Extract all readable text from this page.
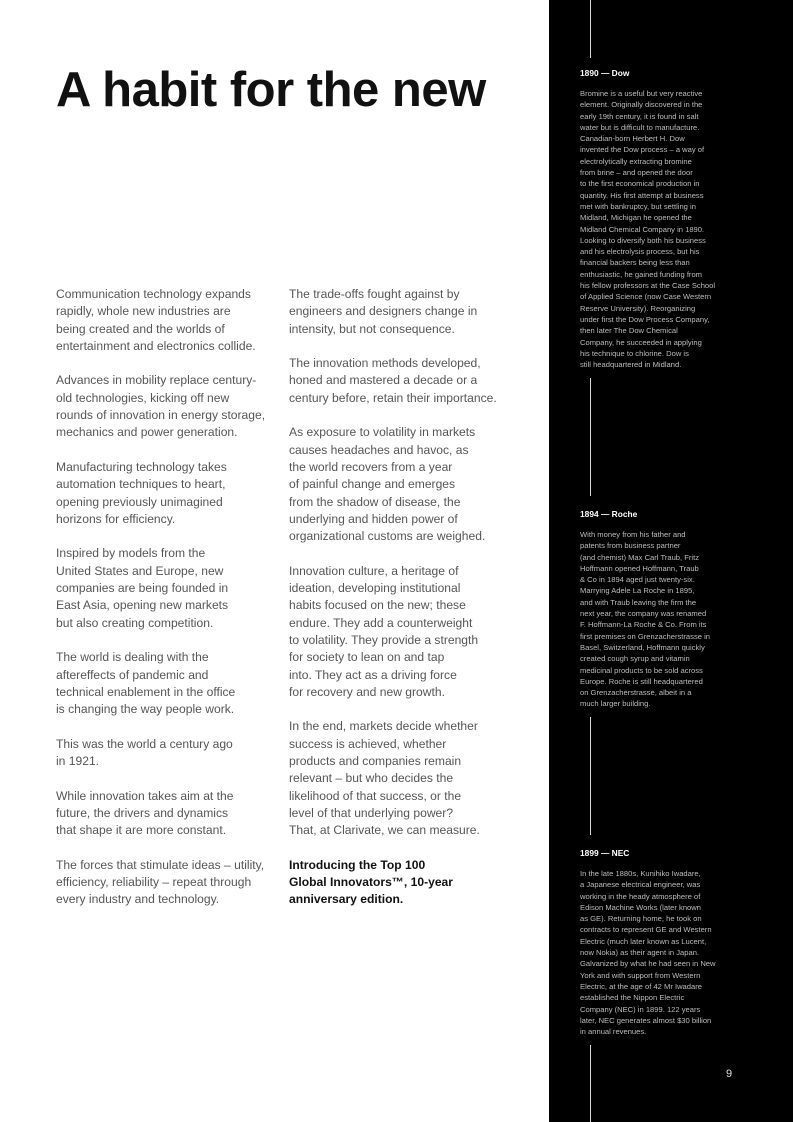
A habit for the new

Communication technology expands
rapidly, whole new industries are
being created and the worlds of
entertainment and electronics collide.

Advances in mobility replace century-
old technologies, kicking off new
rounds of innovation in energy storage,
mechanics and power generation.

Manufacturing technology takes
automation techniques to heart,
opening previously unimagined
horizons for efficiency.

Inspired by models from the
United States and Europe, new
companies are being founded in
East Asia, opening new markets
but also creating competition.

The world is dealing with the
aftereffects of pandemic and
technical enablement in the office
is changing the way people work.

This was the world a century ago
in 1921.

While innovation takes aim at the
future, the drivers and dynamics
that shape it are more constant.

The forces that stimulate ideas – utility,
efficiency, reliability – repeat through
every industry and technology.

The trade-offs fought against by
engineers and designers change in
intensity, but not consequence.

The innovation methods developed,
honed and mastered a decade or a
century before, retain their importance.

As exposure to volatility in markets
causes headaches and havoc, as
the world recovers from a year
of painful change and emerges
from the shadow of disease, the
underlying and hidden power of
organizational customs are weighed.

Innovation culture, a heritage of
ideation, developing institutional
habits focused on the new; these
endure. They add a counterweight
to volatility. They provide a strength
for society to lean on and tap
into. They act as a driving force
for recovery and new growth.

In the end, markets decide whether
success is achieved, whether
products and companies remain
relevant – but who decides the
likelihood of that success, or the
level of that underlying power?
That, at Clarivate, we can measure.

Introducing the Top 100
Global Innovators™, 10-year
anniversary edition.

1890 — Dow

Bromine is a useful but very reactive
element. Originally discovered in the
early 19th century, it is found in salt
water but is difficult to manufacture.
Canadian-born Herbert H. Dow
invented the Dow process – a way of
electrolytically extracting bromine
from brine – and opened the door
to the first economical production in
quantity. His first attempt at business
met with bankruptcy, but settling in
Midland, Michigan he opened the
Midland Chemical Company in 1890.
Looking to diversify both his business
and his electrolysis process, but his
financial backers being less than
enthusiastic, he gained funding from
his fellow professors at the Case School
of Applied Science (now Case Western
Reserve University). Reorganizing
under first the Dow Process Company,
then later The Dow Chemical
Company, he succeeded in applying
his technique to chlorine. Dow is
still headquartered in Midland.

1894 — Roche

With money from his father and
patents from business partner
(and chemist) Max Carl Traub, Fritz
Hoffmann opened Hoffmann, Traub
& Co in 1894 aged just twenty-six.
Marrying Adele La Roche in 1895,
and with Traub leaving the firm the
next year, the company was renamed
F. Hoffmann-La Roche & Co. From its
first premises on Grenzacherstrasse in
Basel, Switzerland, Hoffmann quickly
created cough syrup and vitamin
medicinal products to be sold across
Europe. Roche is still headquartered
on Grenzacherstrasse, albeit in a
much larger building.

1899 — NEC

In the late 1880s, Kunihiko Iwadare,
a Japanese electrical engineer, was
working in the heady atmosphere of
Edison Machine Works (later known
as GE). Returning home, he took on
contracts to represent GE and Western
Electric (much later known as Lucent,
now Nokia) as their agent in Japan.
Galvanized by what he had seen in New
York and with support from Western
Electric, at the age of 42 Mr Iwadare
established the Nippon Electric
Company (NEC) in 1899. 122 years
later, NEC generates almost $30 billion
in annual revenues.

9
